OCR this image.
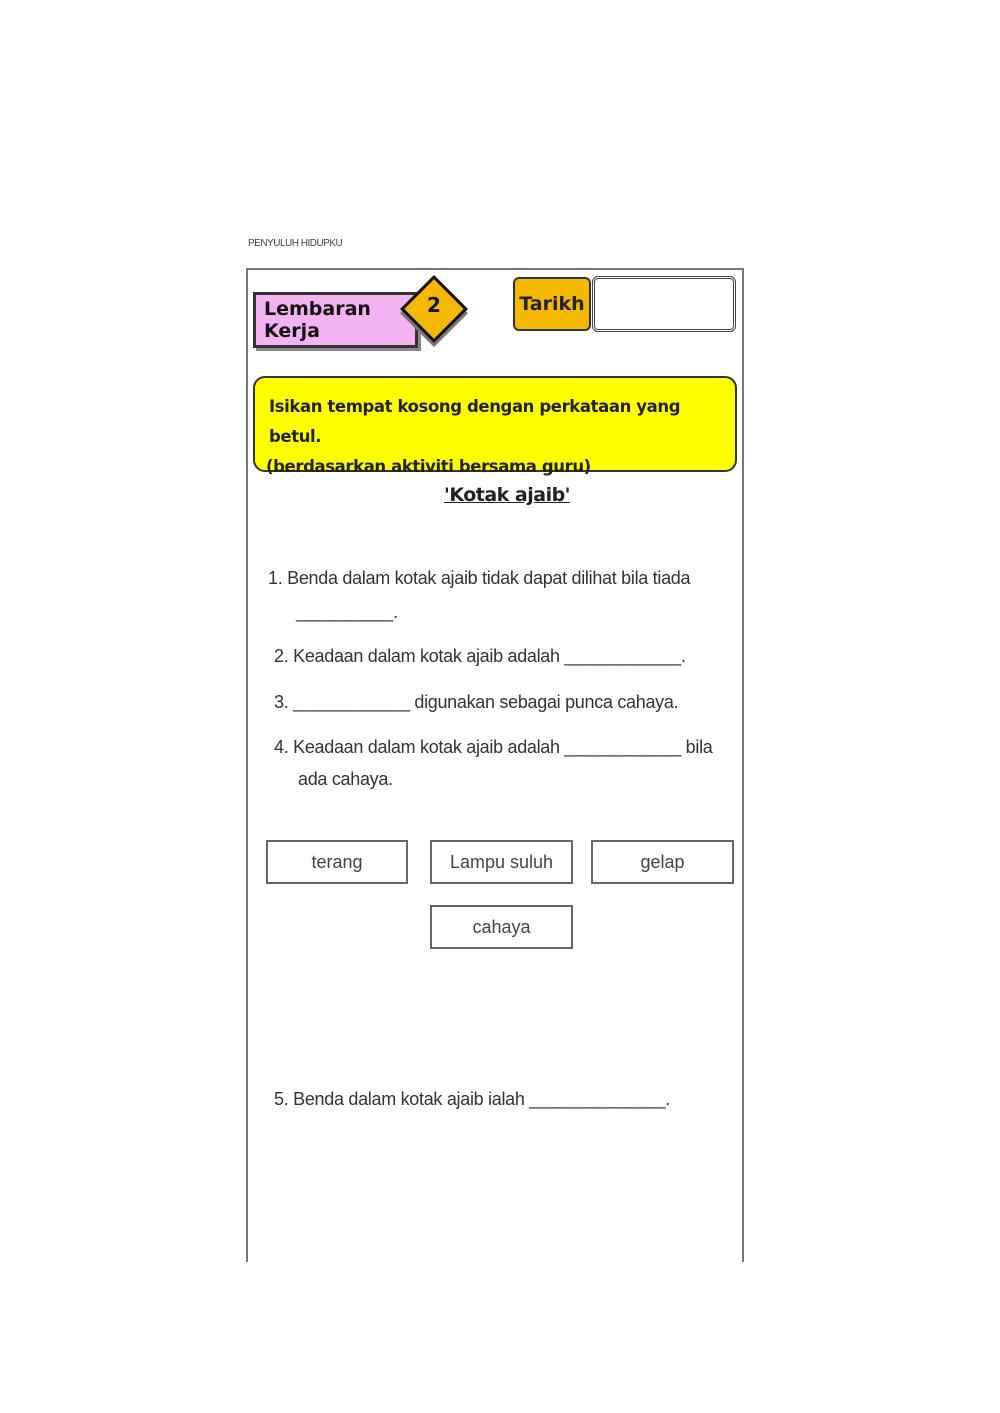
PENYULUH HIDUPKU
Lembaran Kerja
2	Tarikh
Isikan tempat kosong dengan perkataan yang betul.
(berdasarkan aktiviti bersama guru)
'Kotak ajaib'
1. Benda dalam kotak ajaib tidak dapat dilihat bila tiada
__________.
2. Keadaan dalam kotak ajaib adalah ____________.
3. ____________ digunakan sebagai punca cahaya.
4. Keadaan dalam kotak ajaib adalah ____________ bila
ada cahaya.
terang	Lampu suluh	gelap
cahaya
5. Benda dalam kotak ajaib ialah ______________.
